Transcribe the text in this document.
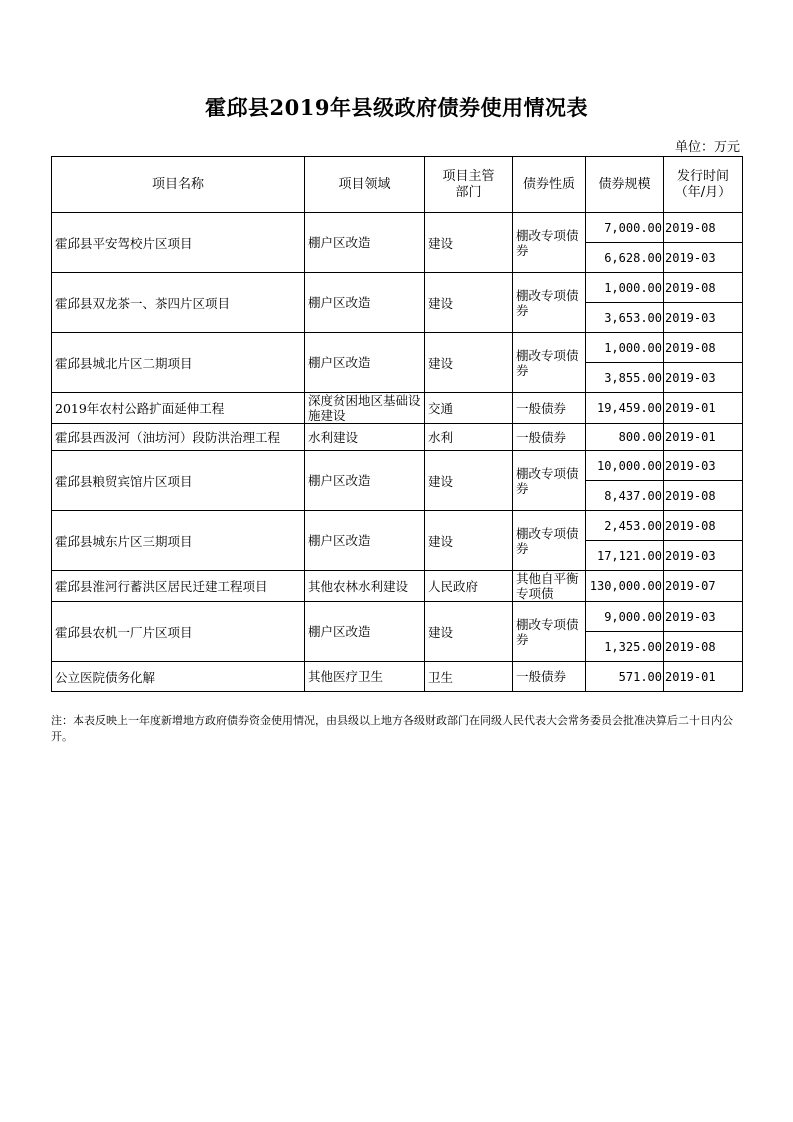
霍邱县2019年县级政府债券使用情况表
单位：万元
项目名称	项目领域	项目主管部门	债券性质	债券规模	发行时间（年/月）
霍邱县平安驾校片区项目	棚户区改造	建设	棚改专项债券	7,000.00	2019-08
				6,628.00	2019-03
霍邱县双龙茶一、茶四片区项目	棚户区改造	建设	棚改专项债券	1,000.00	2019-08
				3,653.00	2019-03
霍邱县城北片区二期项目	棚户区改造	建设	棚改专项债券	1,000.00	2019-08
				3,855.00	2019-03
2019年农村公路扩面延伸工程	深度贫困地区基础设施建设	交通	一般债券	19,459.00	2019-01
霍邱县西汲河（油坊河）段防洪治理工程	水利建设	水利	一般债券	800.00	2019-01
霍邱县粮贸宾馆片区项目	棚户区改造	建设	棚改专项债券	10,000.00	2019-03
				8,437.00	2019-08
霍邱县城东片区三期项目	棚户区改造	建设	棚改专项债券	2,453.00	2019-08
				17,121.00	2019-03
霍邱县淮河行蓄洪区居民迁建工程项目	其他农林水利建设	人民政府	其他自平衡专项债	130,000.00	2019-07
霍邱县农机一厂片区项目	棚户区改造	建设	棚改专项债券	9,000.00	2019-03
				1,325.00	2019-08
公立医院债务化解	其他医疗卫生	卫生	一般债券	571.00	2019-01
注：本表反映上一年度新增地方政府债券资金使用情况，由县级以上地方各级财政部门在同级人民代表大会常务委员会批准决算后二十日内公开。
